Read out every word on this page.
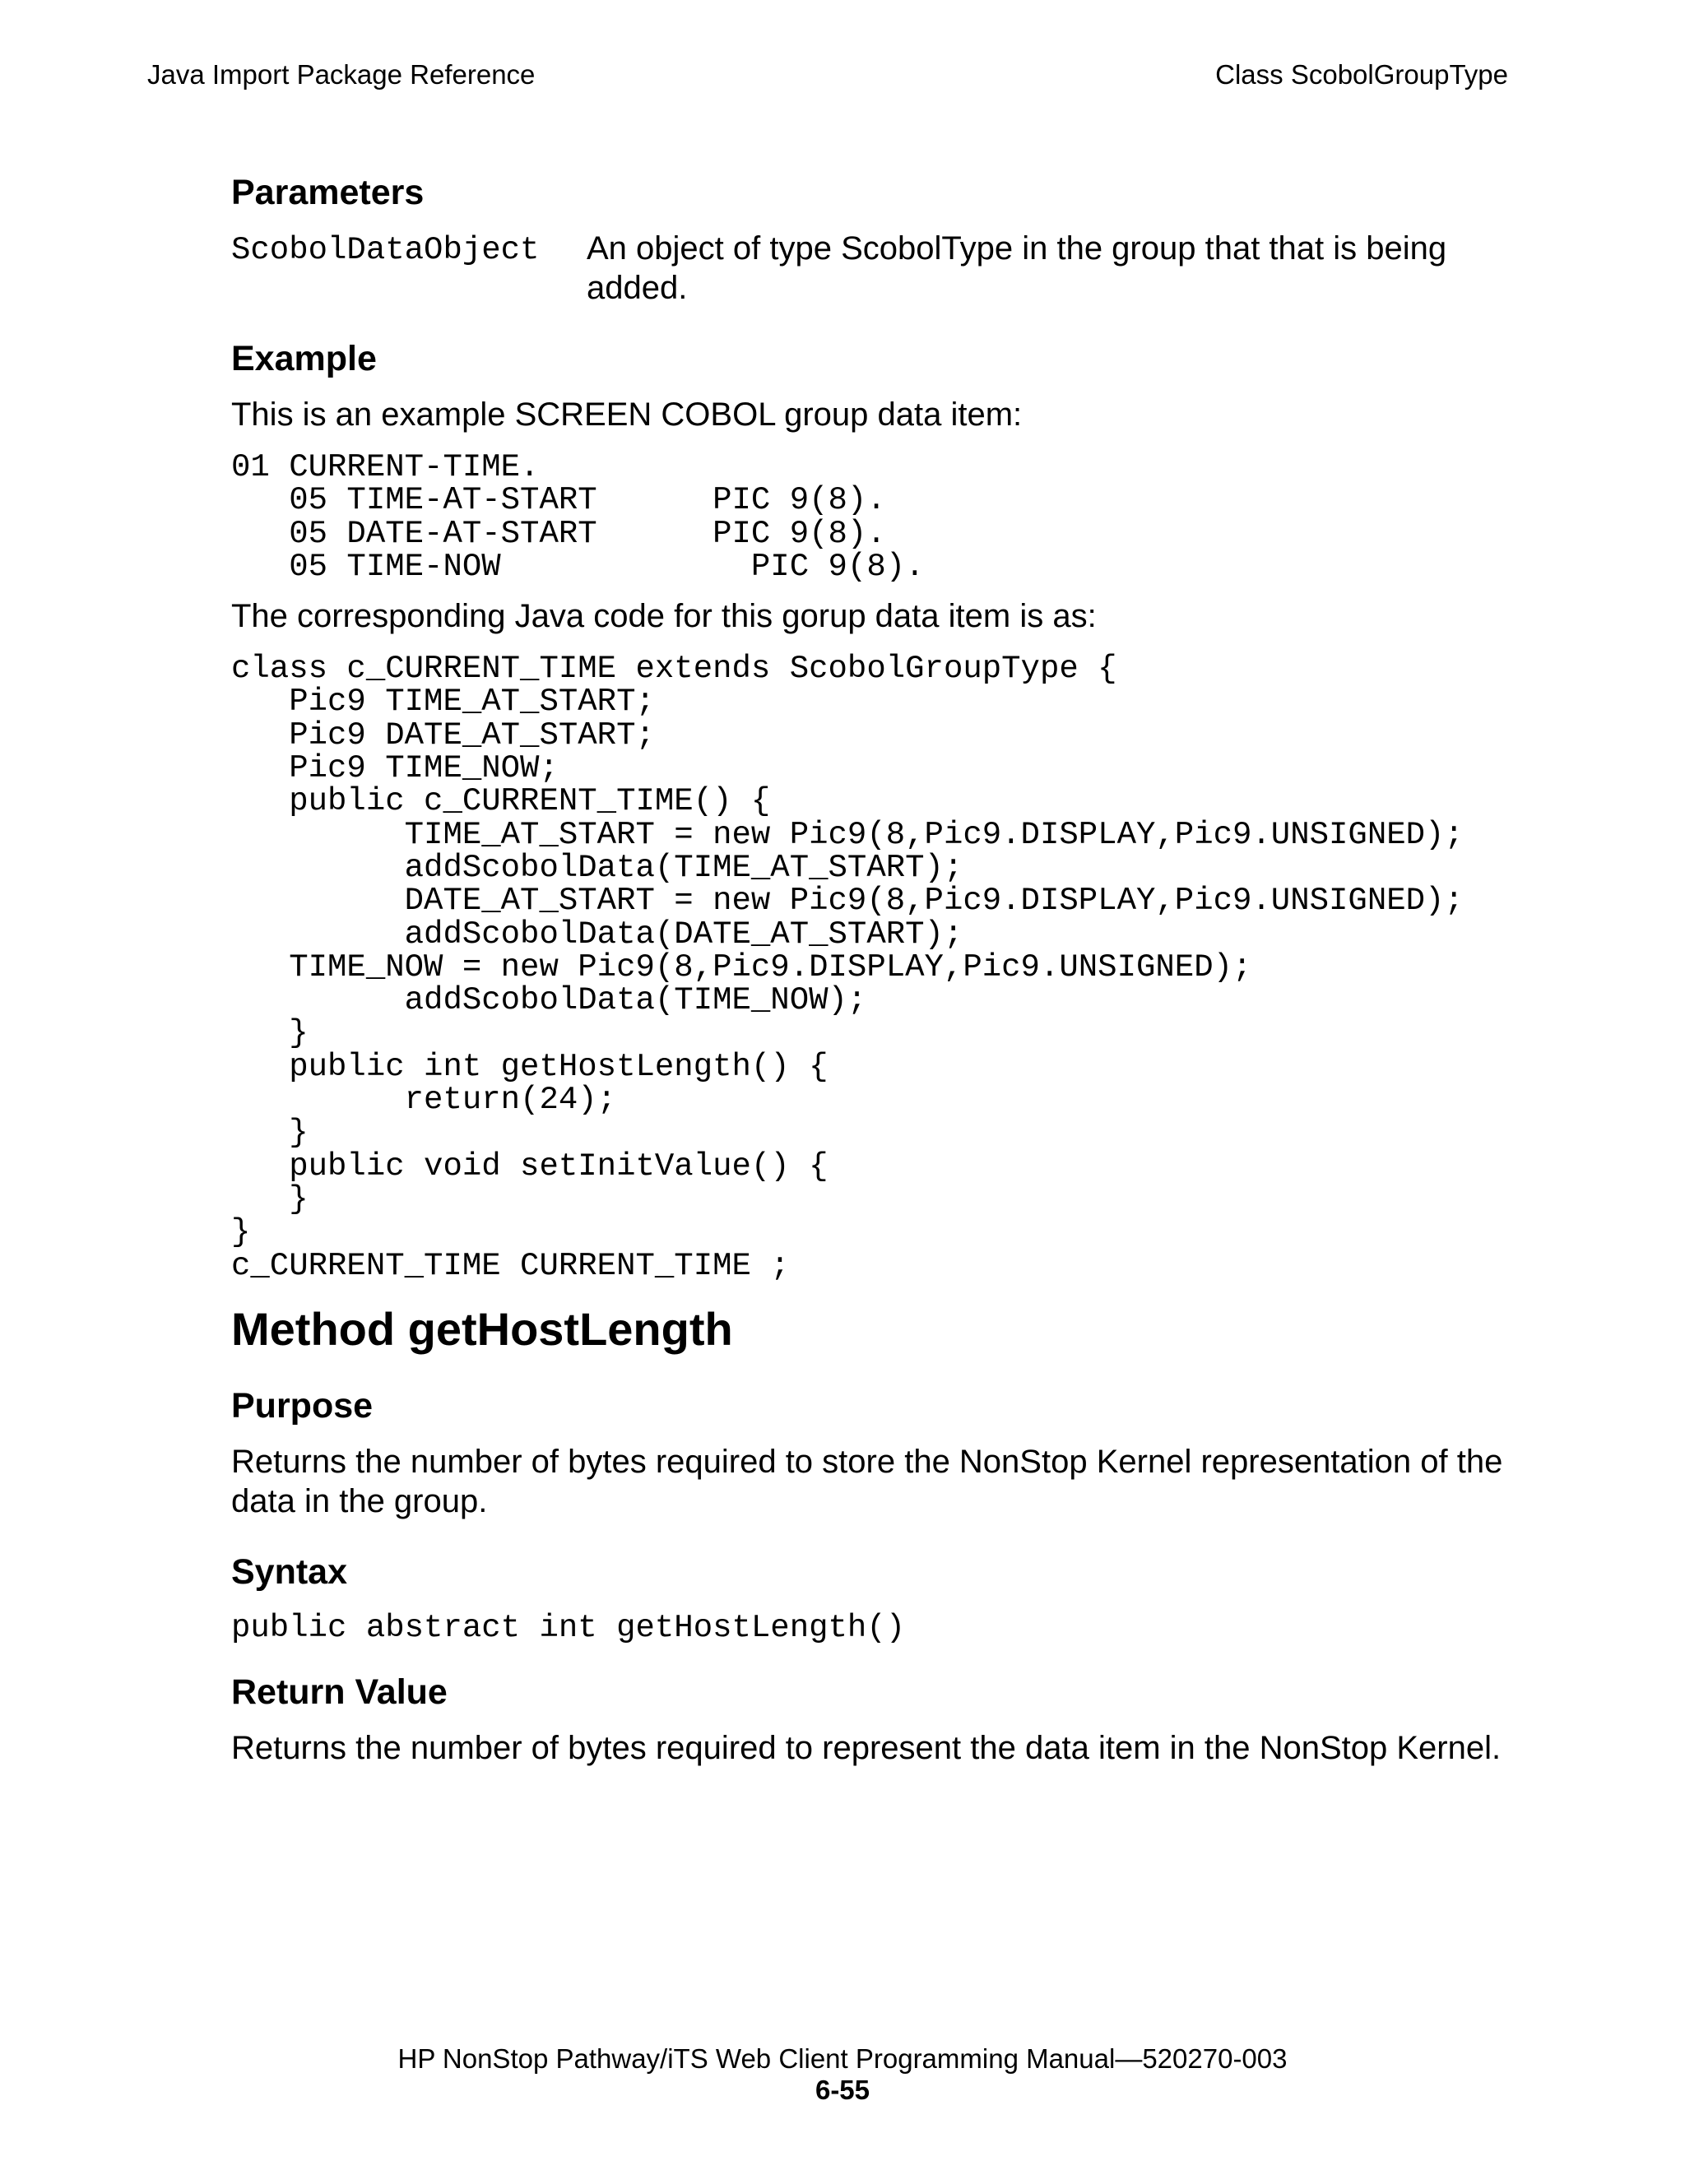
Java Import Package Reference	Class ScobolGroupType
Parameters
ScobolDataObject	An object of type ScobolType in the group that that is being added.
Example

This is an example SCREEN COBOL group data item:

01 CURRENT-TIME.
05 TIME-AT-START      PIC 9(8).
05 DATE-AT-START      PIC 9(8).
05 TIME-NOW             PIC 9(8).

The corresponding Java code for this gorup data item is as:

class c_CURRENT_TIME extends ScobolGroupType {
Pic9 TIME_AT_START;
Pic9 DATE_AT_START;
Pic9 TIME_NOW;
public c_CURRENT_TIME() {
TIME_AT_START = new Pic9(8,Pic9.DISPLAY,Pic9.UNSIGNED);
addScobolData(TIME_AT_START);
DATE_AT_START = new Pic9(8,Pic9.DISPLAY,Pic9.UNSIGNED);
addScobolData(DATE_AT_START);
TIME_NOW = new Pic9(8,Pic9.DISPLAY,Pic9.UNSIGNED);
addScobolData(TIME_NOW);
}
public int getHostLength() {
return(24);
}
public void setInitValue() {
}
}
c_CURRENT_TIME CURRENT_TIME ;
Method getHostLength
Purpose

Returns the number of bytes required to store the NonStop Kernel representation of the data in the group.

Syntax
public abstract int getHostLength()
Return Value

Returns the number of bytes required to represent the data item in the NonStop Kernel.

HP NonStop Pathway/iTS Web Client Programming Manual—520270-003
6-55
